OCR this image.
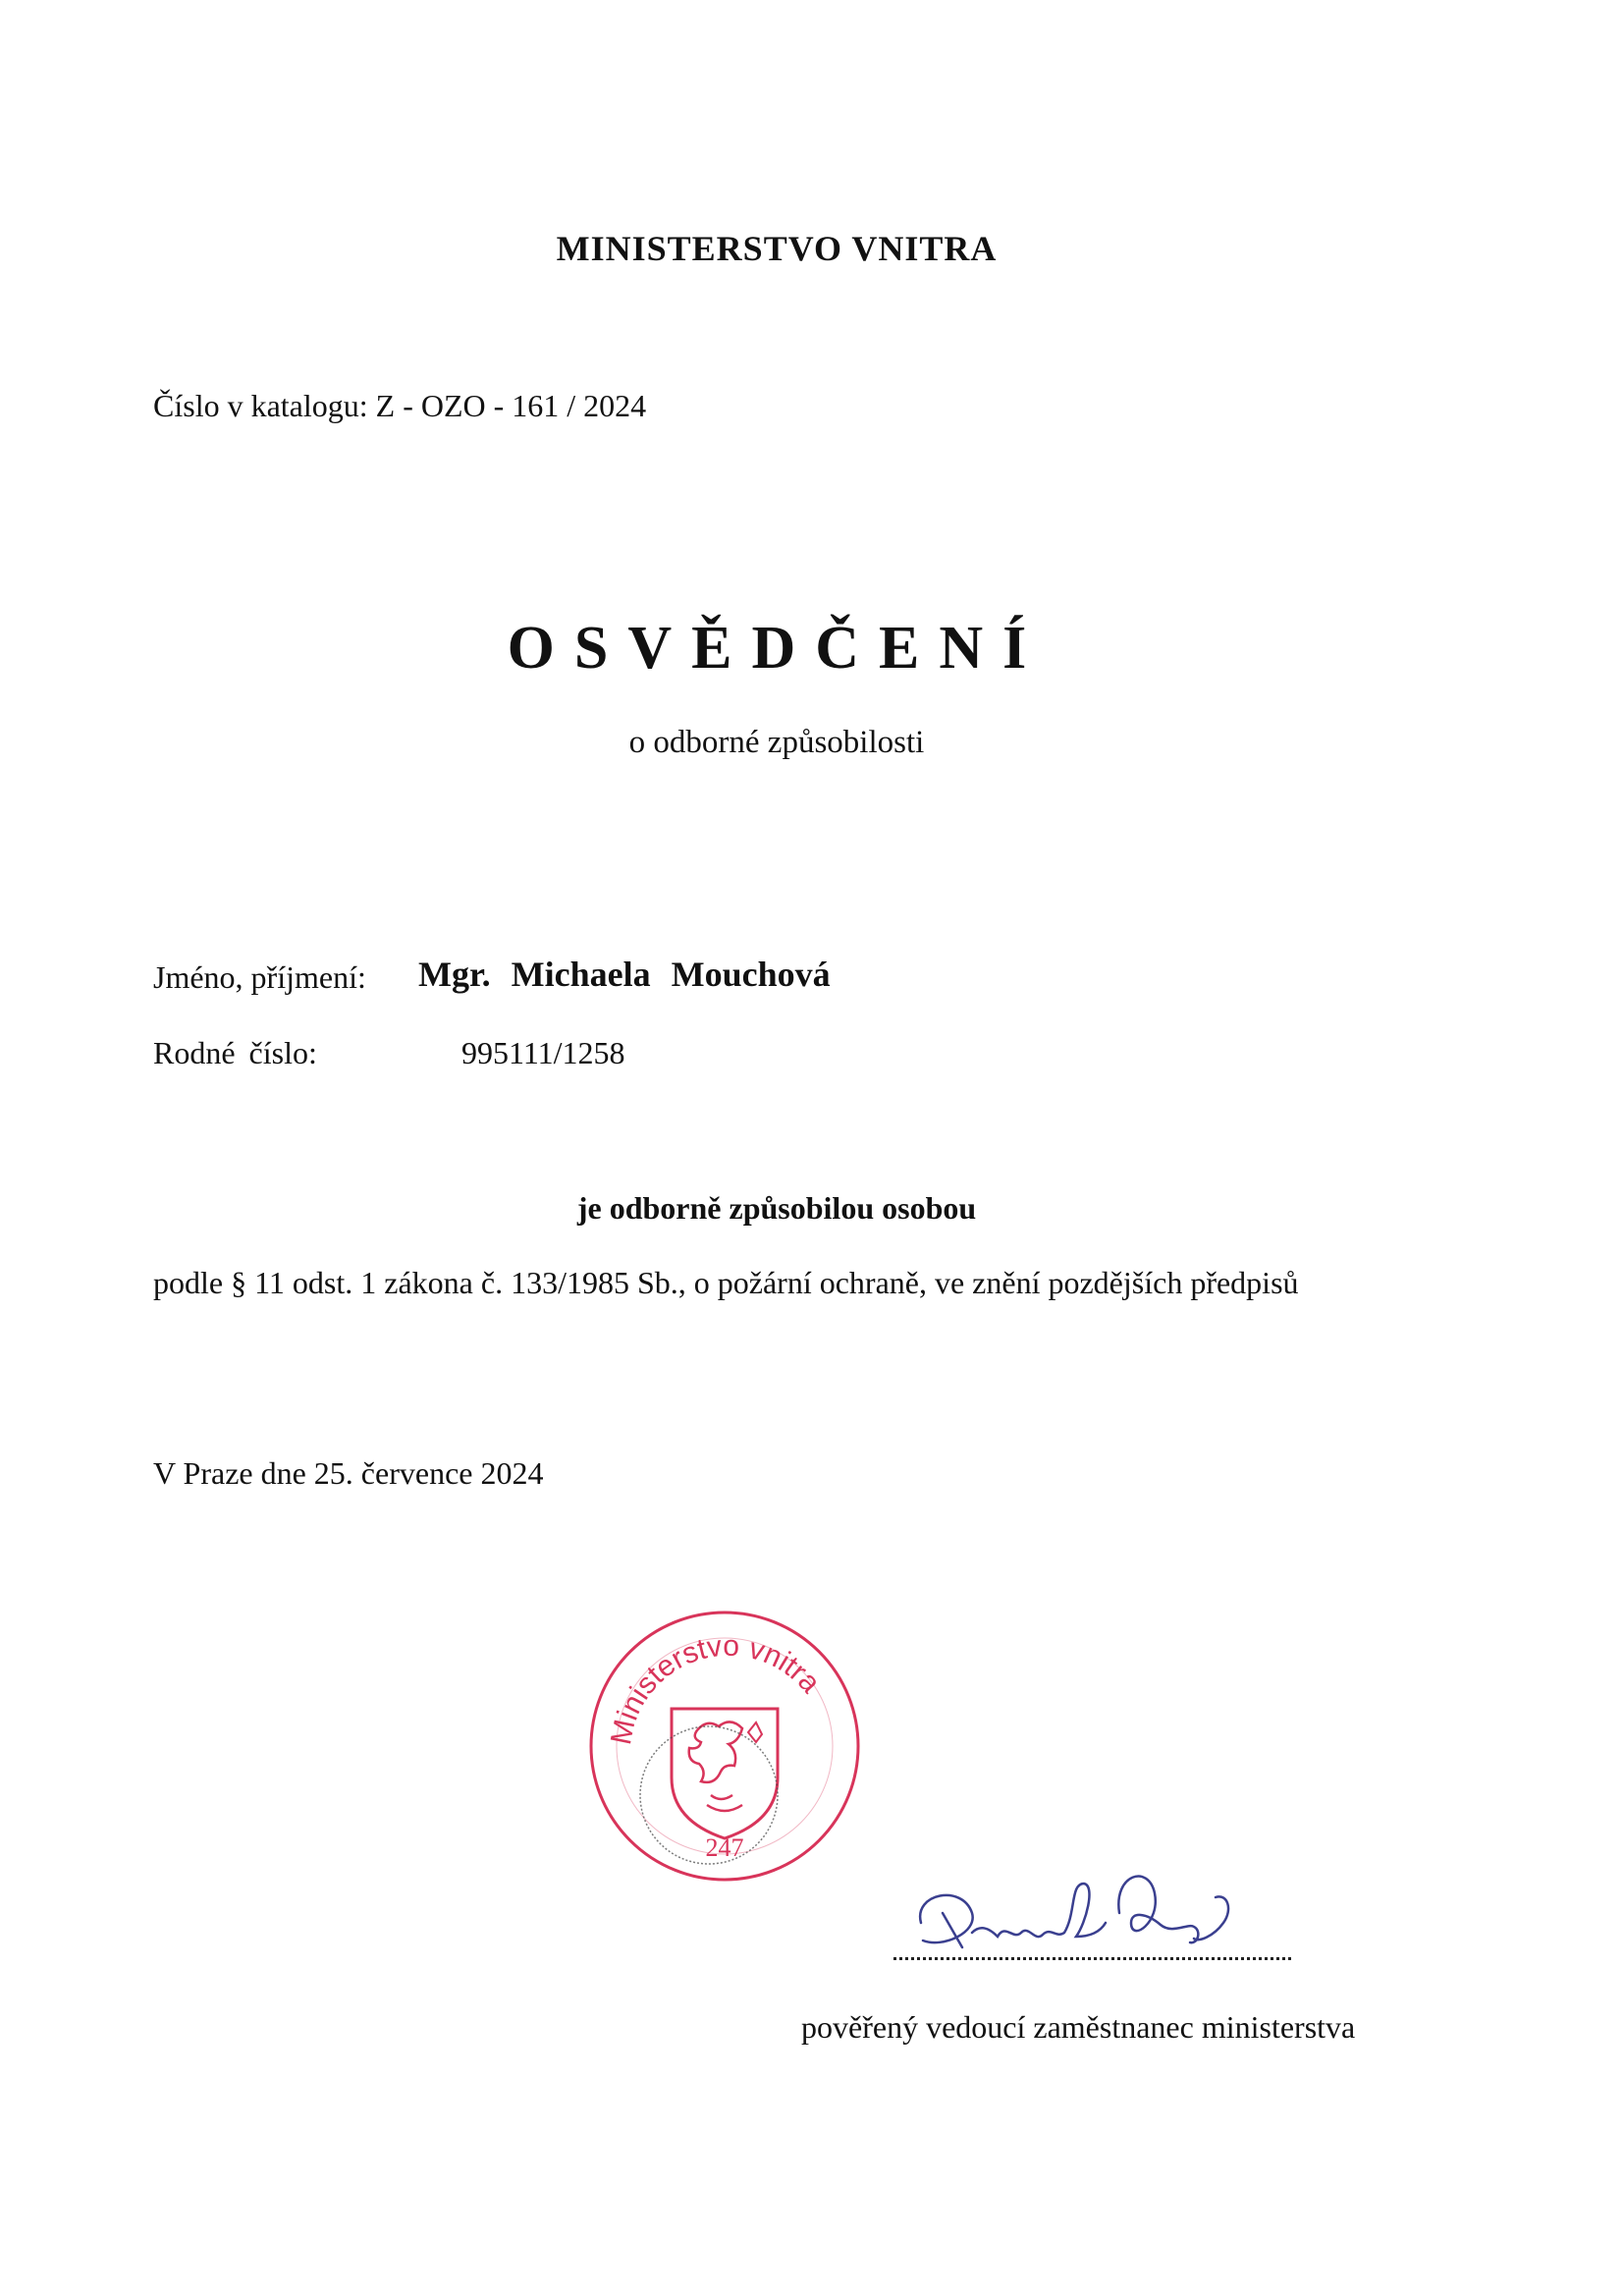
MINISTERSTVO VNITRA
Číslo v katalogu: Z - OZO - 161 / 2024
OSVĚDČENÍ
o odborné způsobilosti
Jméno, příjmení: Mgr. Michaela Mouchová
Rodné číslo:	995111/1258
je odborně způsobilou osobou
podle § 11 odst. 1 zákona č. 133/1985 Sb., o požární ochraně, ve znění pozdějších předpisů
V Praze dne 25. července 2024
Ministerstvo vnitra
247
pověřený vedoucí zaměstnanec ministerstva
